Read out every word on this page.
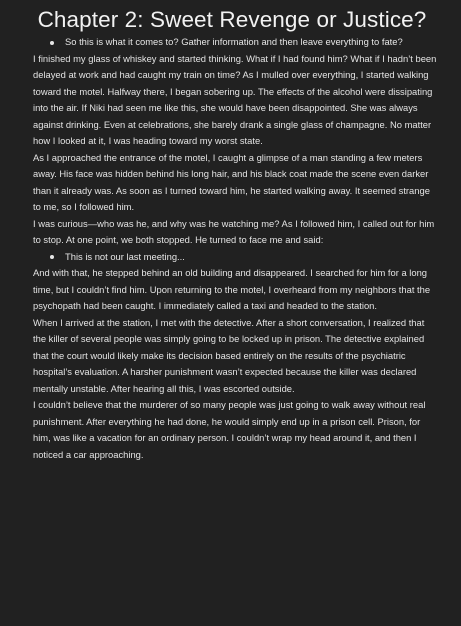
Chapter 2: Sweet Revenge or Justice?
So this is what it comes to? Gather information and then leave everything to fate?

I finished my glass of whiskey and started thinking. What if I had found him? What if I hadn’t been delayed at work and had caught my train on time? As I mulled over everything, I started walking toward the motel. Halfway there, I began sobering up. The effects of the alcohol were dissipating into the air. If Niki had seen me like this, she would have been disappointed. She was always against drinking. Even at celebrations, she barely drank a single glass of champagne. No matter how I looked at it, I was heading toward my worst state.

As I approached the entrance of the motel, I caught a glimpse of a man standing a few meters away. His face was hidden behind his long hair, and his black coat made the scene even darker than it already was. As soon as I turned toward him, he started walking away. It seemed strange to me, so I followed him.

I was curious—who was he, and why was he watching me? As I followed him, I called out for him to stop. At one point, we both stopped. He turned to face me and said:

This is not our last meeting...

And with that, he stepped behind an old building and disappeared. I searched for him for a long time, but I couldn’t find him. Upon returning to the motel, I overheard from my neighbors that the psychopath had been caught. I immediately called a taxi and headed to the station.

When I arrived at the station, I met with the detective. After a short conversation, I realized that the killer of several people was simply going to be locked up in prison. The detective explained that the court would likely make its decision based entirely on the results of the psychiatric hospital’s evaluation. A harsher punishment wasn’t expected because the killer was declared mentally unstable. After hearing all this, I was escorted outside.

I couldn’t believe that the murderer of so many people was just going to walk away without real punishment. After everything he had done, he would simply end up in a prison cell. Prison, for him, was like a vacation for an ordinary person. I couldn’t wrap my head around it, and then I noticed a car approaching.
